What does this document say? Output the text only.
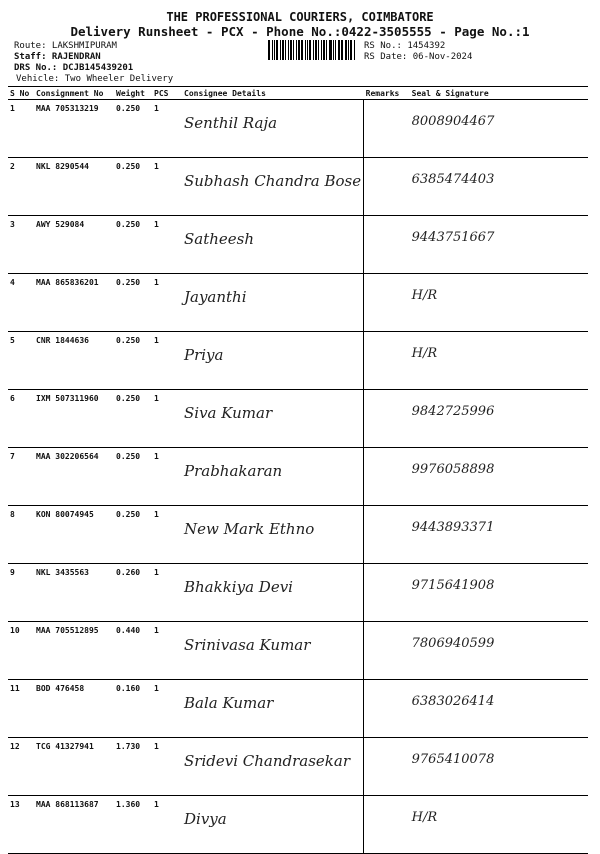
THE PROFESSIONAL COURIERS, COIMBATORE
Delivery Runsheet - PCX - Phone No.:0422-3505555 - Page No.:1
Route: LAKSHMIPURAM
Staff: RAJENDRAN
DRS No.: DCJB145439201
Vehicle: Two Wheeler Delivery
RS No.: 1454392
RS Date: 06-Nov-2024
S No	Consignment No	Weight	PCS	Consignee Details	Remarks	Seal & Signature
1	MAA 705313219	0.250	1	Senthil Raja		8008904467
2	NKL 8290544	0.250	1	Subhash Chandra Bose		6385474403
3	AWY 529084	0.250	1	Satheesh		9443751667
4	MAA 865836201	0.250	1	Jayanthi		H/R
5	CNR 1844636	0.250	1	Priya		H/R
6	IXM 507311960	0.250	1	Siva Kumar		9842725996
7	MAA 302206564	0.250	1	Prabhakaran		9976058898
8	KON 80074945	0.250	1	New Mark Ethno		9443893371
9	NKL 3435563	0.260	1	Bhakkiya Devi		9715641908
10	MAA 705512895	0.440	1	Srinivasa Kumar		7806940599
11	BOD 476458	0.160	1	Bala Kumar		6383026414
12	TCG 41327941	1.730	1	Sridevi Chandrasekar		9765410078
13	MAA 868113687	1.360	1	Divya		H/R
